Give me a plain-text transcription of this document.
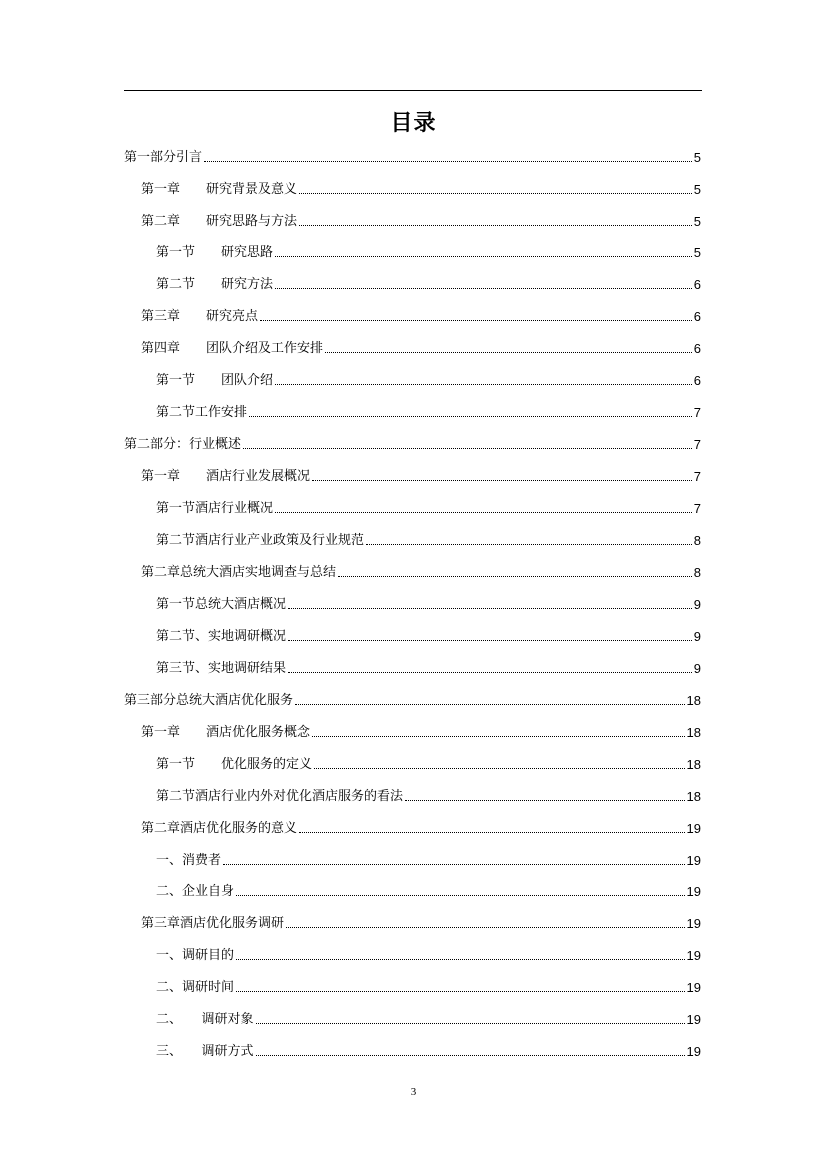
目录
第一部分引言	5
第一章　　研究背景及意义	5
第二章　　研究思路与方法	5
第一节　　研究思路	5
第二节　　研究方法	6
第三章　　研究亮点	6
第四章　　团队介绍及工作安排	6
第一节　　团队介绍	6
第二节工作安排	7
第二部分：行业概述	7
第一章　　酒店行业发展概况	7
第一节酒店行业概况	7
第二节酒店行业产业政策及行业规范	8
第二章总统大酒店实地调查与总结	8
第一节总统大酒店概况	9
第二节、实地调研概况	9
第三节、实地调研结果	9
第三部分总统大酒店优化服务	18
第一章　　酒店优化服务概念	18
第一节　　优化服务的定义	18
第二节酒店行业内外对优化酒店服务的看法	18
第二章酒店优化服务的意义	19
一、消费者	19
二、企业自身	19
第三章酒店优化服务调研	19
一、调研目的	19
二、调研时间	19
二、　　调研对象	19
三、　　调研方式	19
3
